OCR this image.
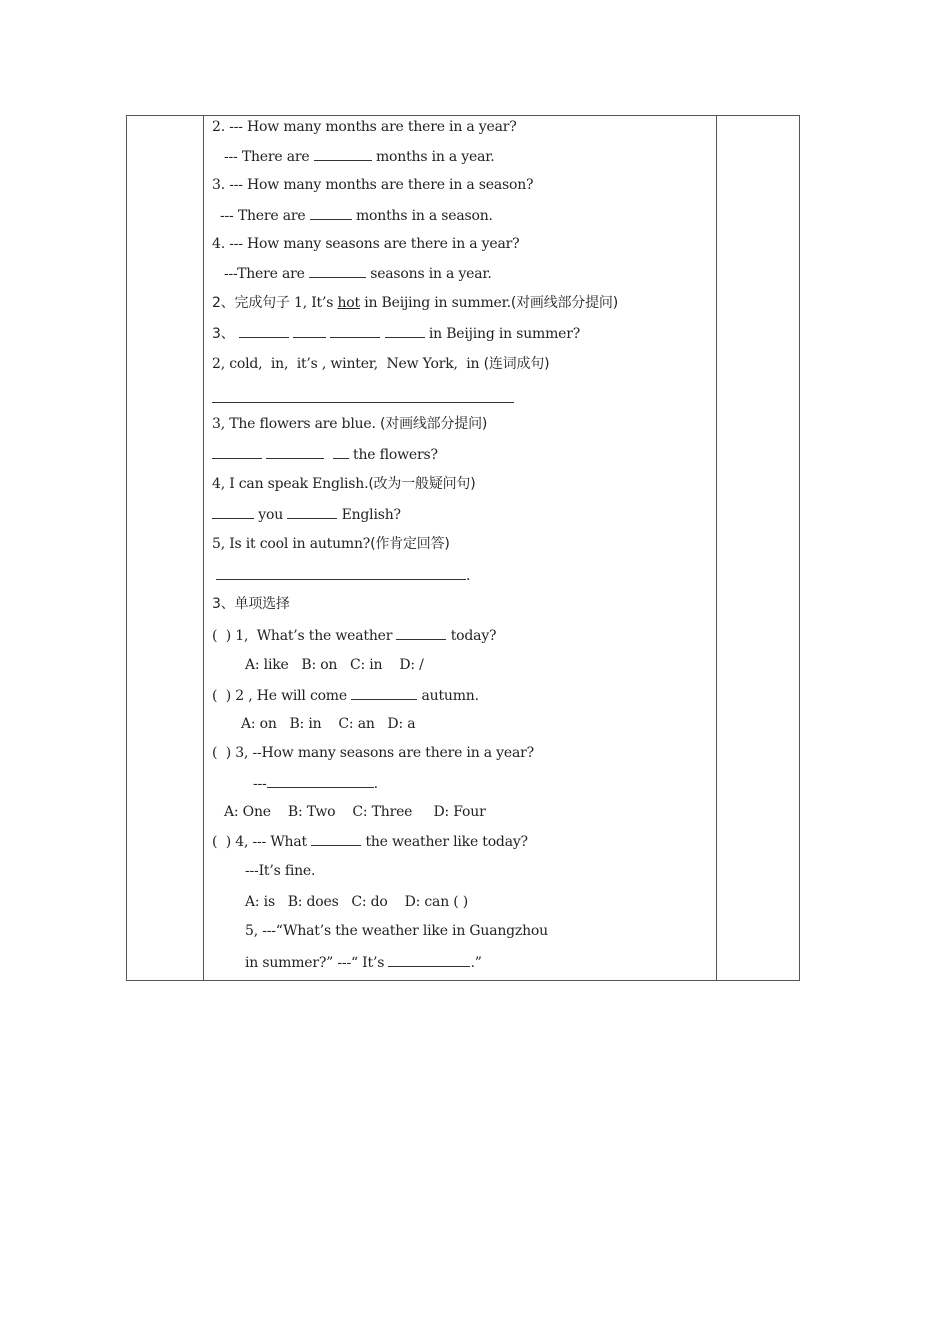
2. --- How many months are there in a year?
--- There are	months in a year.
3. --- How many months are there in a season?
--- There are	months in a season.
4. --- How many seasons are there in a year?
---There are	seasons in a year.
2、完成句子 1, It’s hot in Beijing in summer.(对画线部分提问)
3、	in Beijing in summer?
2, cold,  in,  it’s , winter,  New York,  in (连词成句)
3, The flowers are blue. (对画线部分提问)
the flowers?
4, I can speak English.(改为一般疑问句)
you	English?
5, Is it cool in autumn?(作肯定回答)
.
3、单项选择
(  ) 1,  What’s the weather	today?
A: like   B: on   C: in    D: /
(  ) 2 , He will come	autumn.
A: on   B: in    C: an   D: a
(  ) 3, --How many seasons are there in a year?
---	.
A: One    B: Two    C: Three     D: Four
(  ) 4, --- What	the weather like today?
---It’s fine.
A: is   B: does   C: do    D: can ( )
5, ---“What’s the weather like in Guangzhou
in summer?” ---“ It’s	.”
